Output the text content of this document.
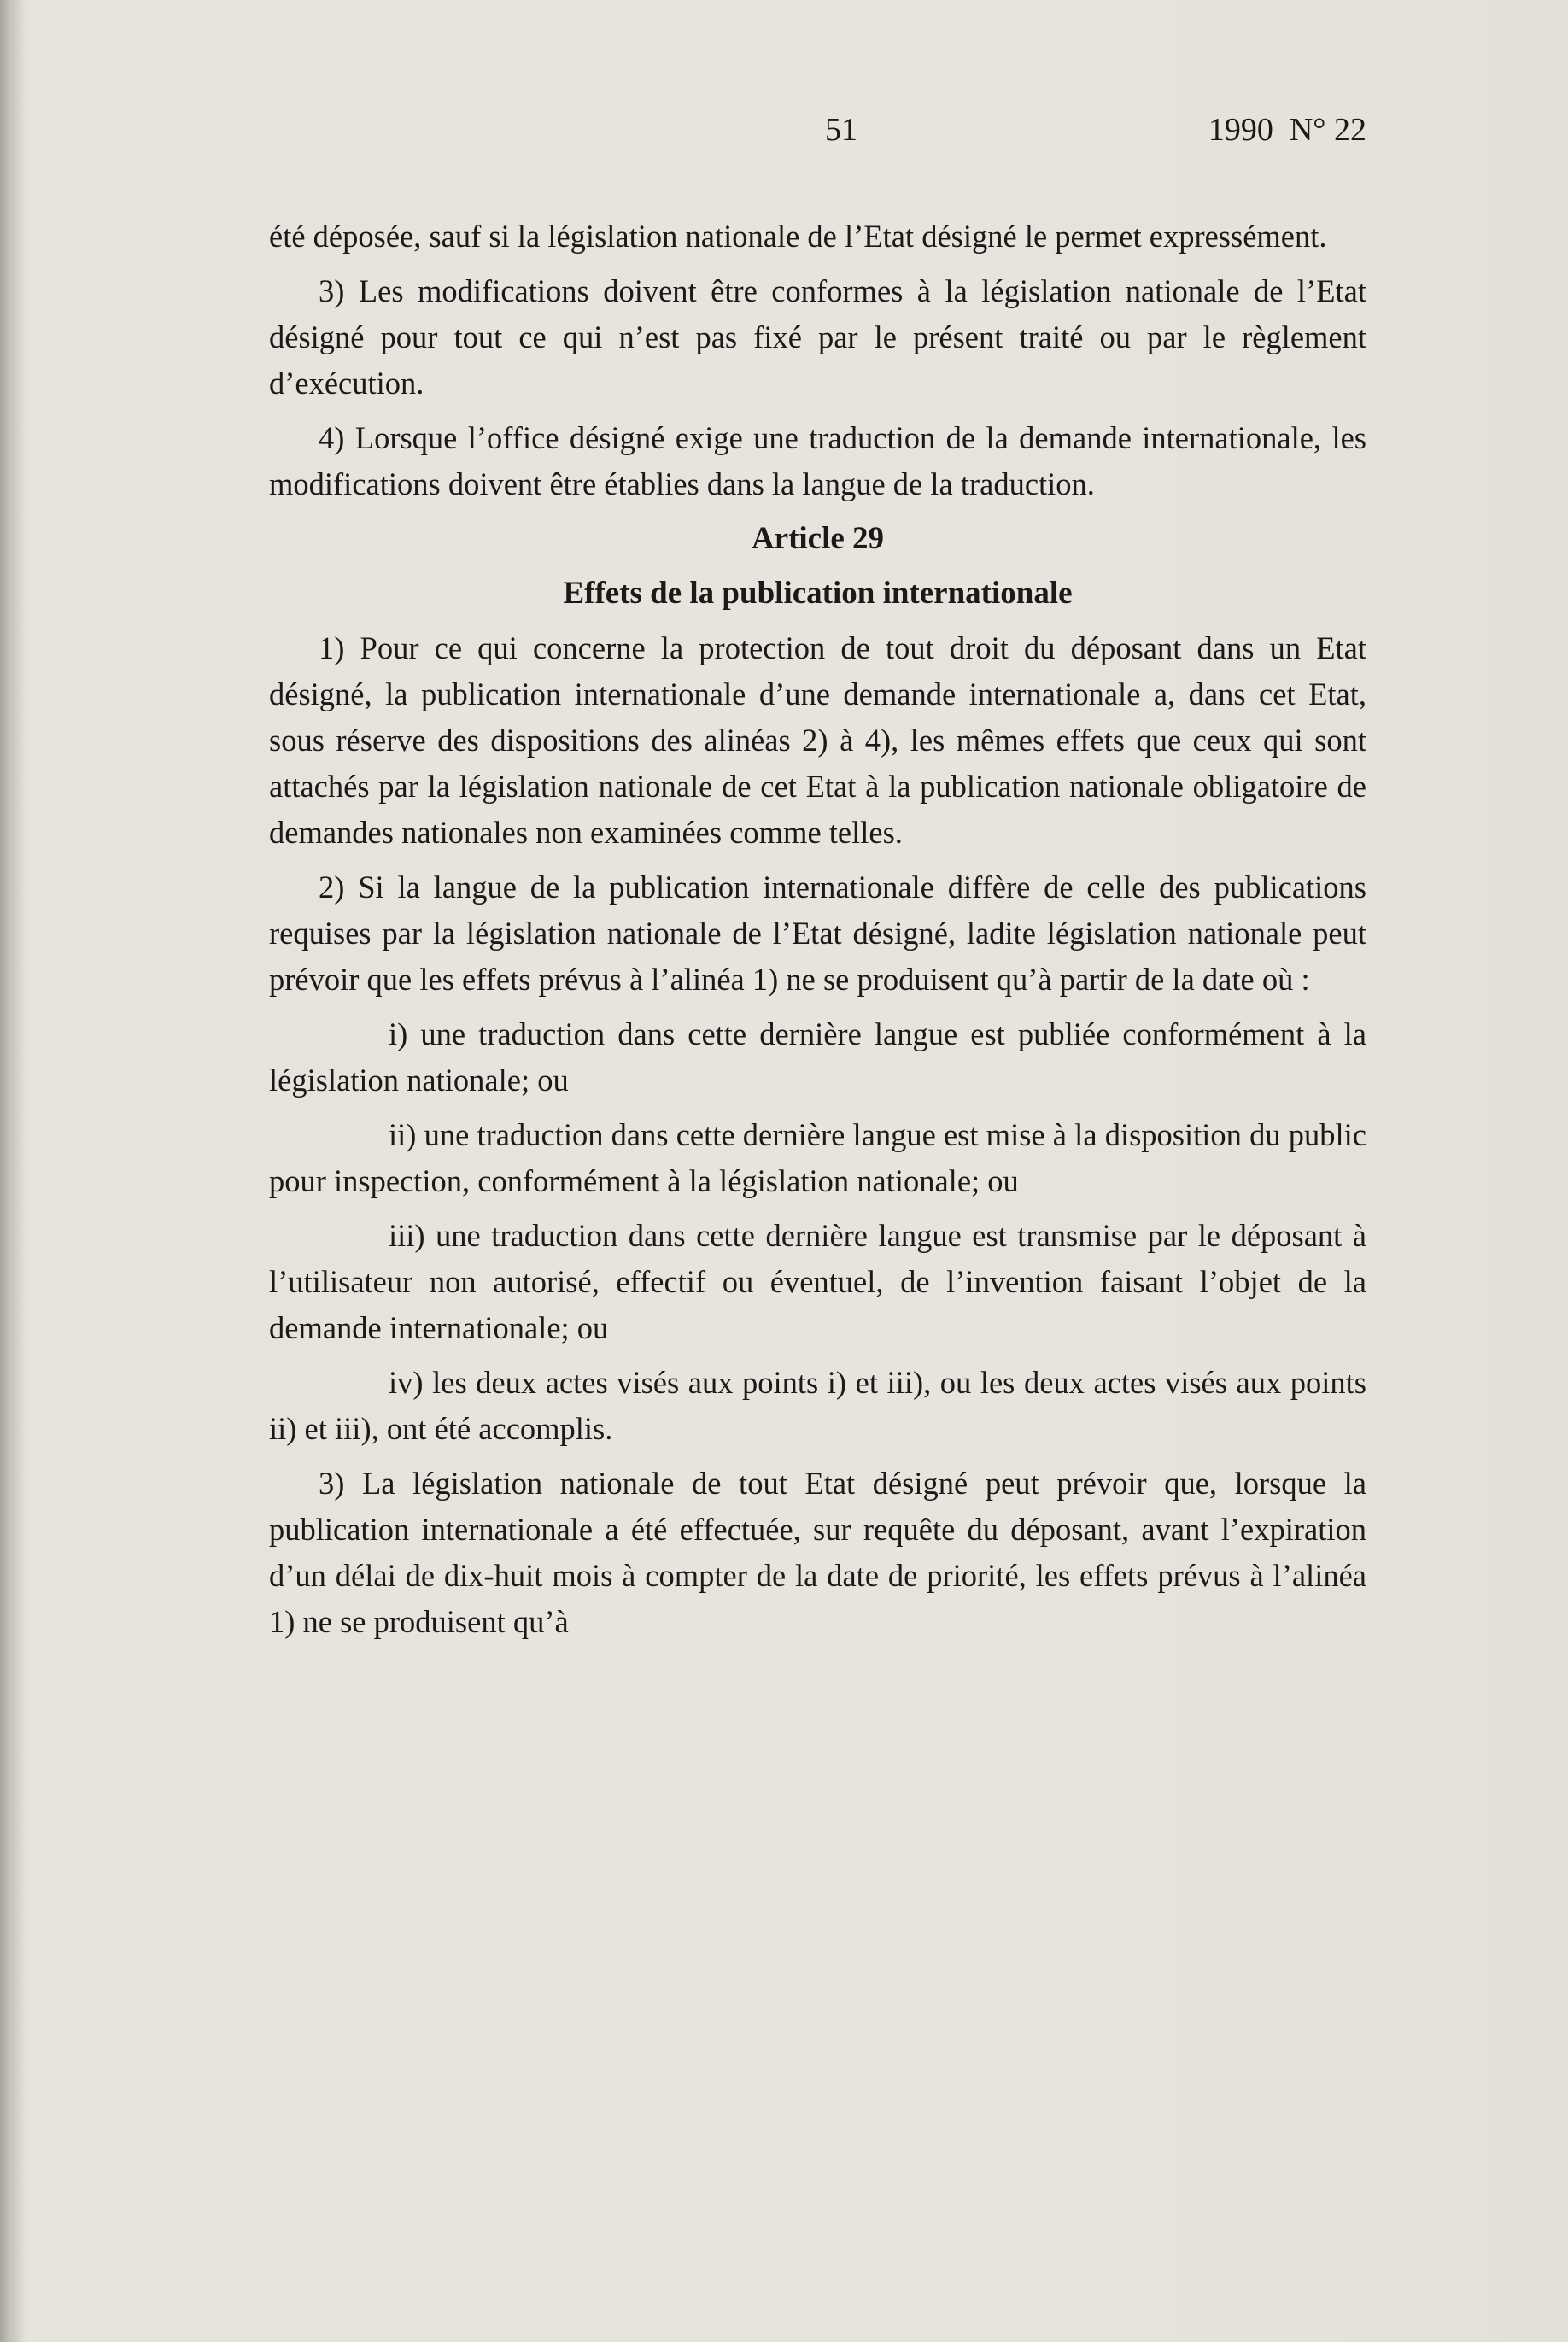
51	1990  N° 22

été déposée, sauf si la législation nationale de l’Etat désigné le permet expressément.

3) Les modifications doivent être conformes à la législation nationale de l’Etat désigné pour tout ce qui n’est pas fixé par le présent traité ou par le règlement d’exécution.

4) Lorsque l’office désigné exige une traduction de la demande internationale, les modifications doivent être établies dans la langue de la traduction.

Article 29

Effets de la publication internationale

1) Pour ce qui concerne la protection de tout droit du déposant dans un Etat désigné, la publication internationale d’une demande internationale a, dans cet Etat, sous réserve des dispositions des alinéas 2) à 4), les mêmes effets que ceux qui sont attachés par la législation nationale de cet Etat à la publication nationale obligatoire de demandes nationales non examinées comme telles.

2) Si la langue de la publication internationale diffère de celle des publications requises par la législation nationale de l’Etat désigné, ladite législation nationale peut prévoir que les effets prévus à l’alinéa 1) ne se produisent qu’à partir de la date où :

i) une traduction dans cette dernière langue est publiée conformément à la législation nationale; ou

ii) une traduction dans cette dernière langue est mise à la disposition du public pour inspection, conformément à la législation nationale; ou

iii) une traduction dans cette dernière langue est transmise par le déposant à l’utilisateur non autorisé, effectif ou éventuel, de l’invention faisant l’objet de la demande internationale; ou

iv) les deux actes visés aux points i) et iii), ou les deux actes visés aux points ii) et iii), ont été accomplis.

3) La législation nationale de tout Etat désigné peut prévoir que, lorsque la publication internationale a été effectuée, sur requête du déposant, avant l’expiration d’un délai de dix-huit mois à compter de la date de priorité, les effets prévus à l’alinéa 1) ne se produisent qu’à
